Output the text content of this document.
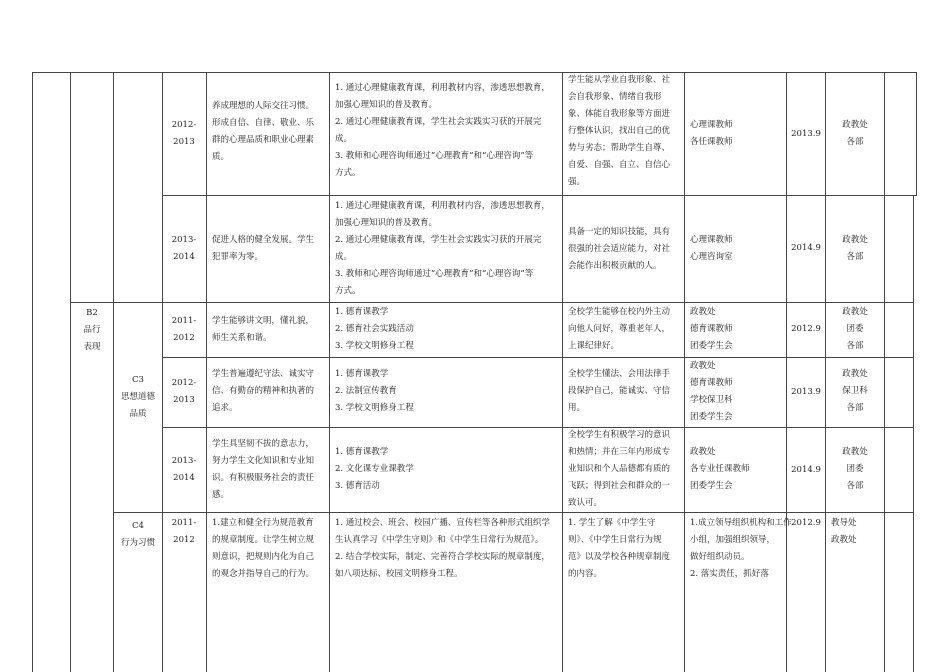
2012-
2013
养成理想的人际交往习惯。
形成自信、自律、敬业、乐
群的心理品质和职业心理素
质。
1. 通过心理健康教育课，利用教材内容，渗透思想教育，
加强心理知识的普及教育。
2. 通过心理健康教育课，学生社会实践实习获的开展完
成。
3. 教师和心理咨询师通过“心理教育”和“心理咨询”等
方式。
学生能从学业自我形象、社
会自我形象、情绪自我形
象、体能自我形象等方面进
行整体认识，找出自己的优
势与劣态；帮助学生自尊、
自爱、自强、自立、自信心
强。
心理课教师
各任课教师
2013.9
政教处
各部
2013-
2014
促进人格的健全发展。学生
犯罪率为零。
1. 通过心理健康教育课，利用教材内容，渗透思想教育，
加强心理知识的普及教育。
2. 通过心理健康教育课，学生社会实践实习获的开展完
成。
3. 教师和心理咨询师通过“心理教育”和“心理咨询”等
方式。
具备一定的知识技能，具有
很强的社会适应能力，对社
会能作出积极贡献的人。
心理课教师
心理咨询室
2014.9
政教处
各部
B2
品行
表现
C3
思想道德
品质
C4
行为习惯
2011-
2012
学生能够讲文明，懂礼貌，
师生关系和谐。
1. 德育课教学
2. 德育社会实践活动
3. 学校文明修身工程
全校学生能够在校内外主动
向他人问好，尊重老年人，
上课纪律好。
政教处
德育课教师
团委学生会
2012.9
政教处
团委
各部
2012-
2013
学生普遍遵纪守法、诚实守
信、有勤奋的精神和执著的
追求。
1. 德育课教学
2. 法制宣传教育
3. 学校文明修身工程
全校学生懂法、会用法律手
段保护自己，能诚实、守信
用。
政教处
德育课教师
学校保卫科
团委学生会
2013.9
政教处
保卫科
各部
2013-
2014
学生具坚韧不拔的意志力，
努力学生文化知识和专业知
识。有积极服务社会的责任
感。
1. 德育课教学
2. 文化课专业课教学
3. 德育活动
全校学生有积极学习的意识
和热情；并在三年内形成专
业知识和个人品德都有质的
飞跃；得到社会和群众的一
致认可。
政教处
各专业任课教师
团委学生会
2014.9
政教处
团委
各部
2011-
2012
1.建立和健全行为规范教育
的规章制度。让学生树立规
则意识，把规则内化为自己
的观念并指导自己的行为。
1. 通过校会、班会、校园广播、宣传栏等各种形式组织学
生认真学习《中学生守则》和《中学生日常行为规范》。
2. 结合学校实际，制定、完善符合学校实际的规章制度，
如八项达标、校园文明修身工程。
1. 学生了解《中学生守
则》、《中学生日常行为规
范》以及学校各种规章制度
的内容。
1.成立领导组织机构和工作
小组，加强组织领导，
做好组织动员。
2. 落实责任，抓好落
2012.9	教导处
政教处
